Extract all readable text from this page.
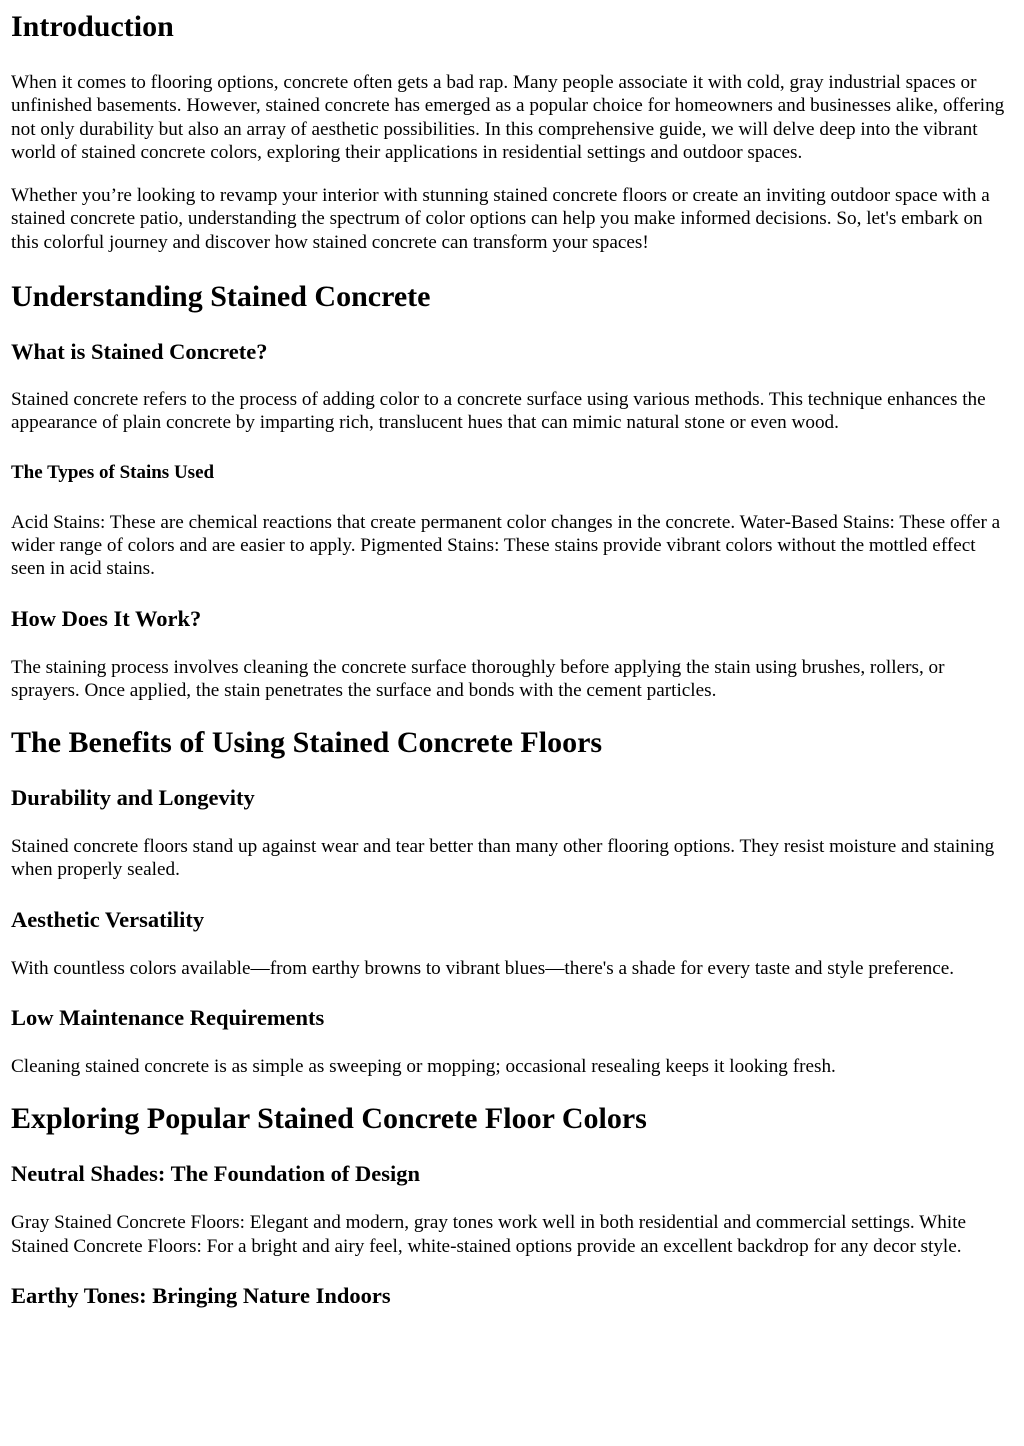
Introduction

When it comes to flooring options, concrete often gets a bad rap. Many people associate it with cold, gray industrial spaces or unfinished basements. However, stained concrete has emerged as a popular choice for homeowners and businesses alike, offering not only durability but also an array of aesthetic possibilities. In this comprehensive guide, we will delve deep into the vibrant world of stained concrete colors, exploring their applications in residential settings and outdoor spaces.

Whether you’re looking to revamp your interior with stunning stained concrete floors or create an inviting outdoor space with a stained concrete patio, understanding the spectrum of color options can help you make informed decisions. So, let's embark on this colorful journey and discover how stained concrete can transform your spaces!

Understanding Stained Concrete
What is Stained Concrete?

Stained concrete refers to the process of adding color to a concrete surface using various methods. This technique enhances the appearance of plain concrete by imparting rich, translucent hues that can mimic natural stone or even wood.

The Types of Stains Used

Acid Stains: These are chemical reactions that create permanent color changes in the concrete. Water-Based Stains: These offer a wider range of colors and are easier to apply. Pigmented Stains: These stains provide vibrant colors without the mottled effect seen in acid stains.

How Does It Work?

The staining process involves cleaning the concrete surface thoroughly before applying the stain using brushes, rollers, or sprayers. Once applied, the stain penetrates the surface and bonds with the cement particles.

The Benefits of Using Stained Concrete Floors
Durability and Longevity

Stained concrete floors stand up against wear and tear better than many other flooring options. They resist moisture and staining when properly sealed.

Aesthetic Versatility

With countless colors available—from earthy browns to vibrant blues—there's a shade for every taste and style preference.

Low Maintenance Requirements

Cleaning stained concrete is as simple as sweeping or mopping; occasional resealing keeps it looking fresh.

Exploring Popular Stained Concrete Floor Colors
Neutral Shades: The Foundation of Design

Gray Stained Concrete Floors: Elegant and modern, gray tones work well in both residential and commercial settings. White Stained Concrete Floors: For a bright and airy feel, white-stained options provide an excellent backdrop for any decor style.

Earthy Tones: Bringing Nature Indoors
